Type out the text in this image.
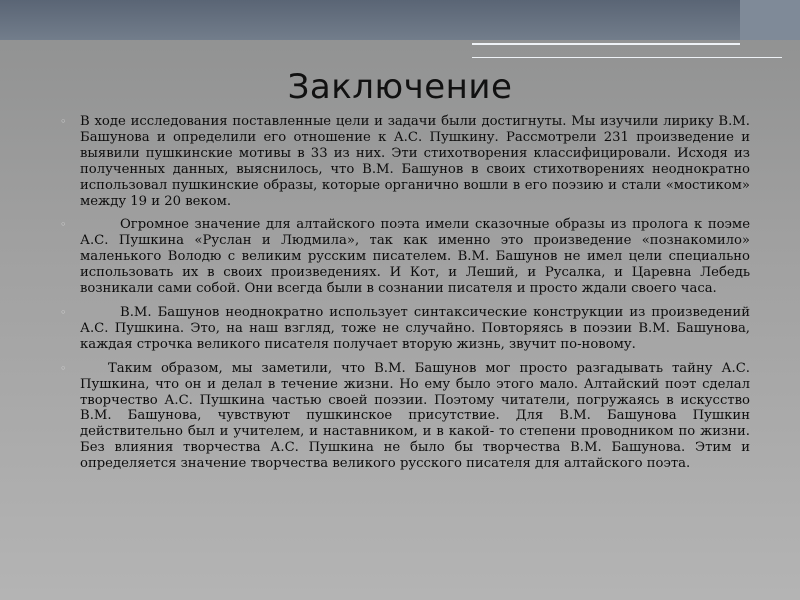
Заключение

◦ В ходе исследования поставленные цели и задачи были достигнуты. Мы изучили лирику В.М. Башунова и определили его отношение к А.С. Пушкину. Рассмотрели 231 произведение и выявили пушкинские мотивы в 33 из них. Эти стихотворения классифицировали. Исходя из полученных данных, выяснилось, что В.М. Башунов в своих стихотворениях неоднократно использовал пушкинские образы, которые органично вошли в его поэзию и стали «мостиком» между 19 и 20 веком.

◦	Огромное значение для алтайского поэта имели сказочные образы из пролога к поэме А.С. Пушкина «Руслан и Людмила», так как именно это произведение «познакомило» маленького Володю с великим русским писателем. В.М. Башунов не имел цели специально использовать их в своих произведениях. И Кот, и Леший, и Русалка, и Царевна Лебедь возникали сами собой. Они всегда были в сознании писателя и просто ждали своего часа.

◦	В.М. Башунов неоднократно использует синтаксические конструкции из произведений А.С. Пушкина. Это, на наш взгляд, тоже не случайно. Повторяясь в поэзии В.М. Башунова, каждая строчка великого писателя получает вторую жизнь, звучит по-новому.

◦	Таким образом, мы заметили, что В.М. Башунов мог просто разгадывать тайну А.С. Пушкина, что он и делал в течение жизни. Но ему было этого мало. Алтайский поэт сделал творчество А.С. Пушкина частью своей поэзии. Поэтому читатели, погружаясь в искусство В.М. Башунова, чувствуют пушкинское присутствие. Для В.М. Башунова Пушкин действительно был и учителем, и наставником, и в какой- то степени проводником по жизни. Без влияния творчества А.С. Пушкина не было бы творчества В.М. Башунова. Этим и определяется значение творчества великого русского писателя для алтайского поэта.
